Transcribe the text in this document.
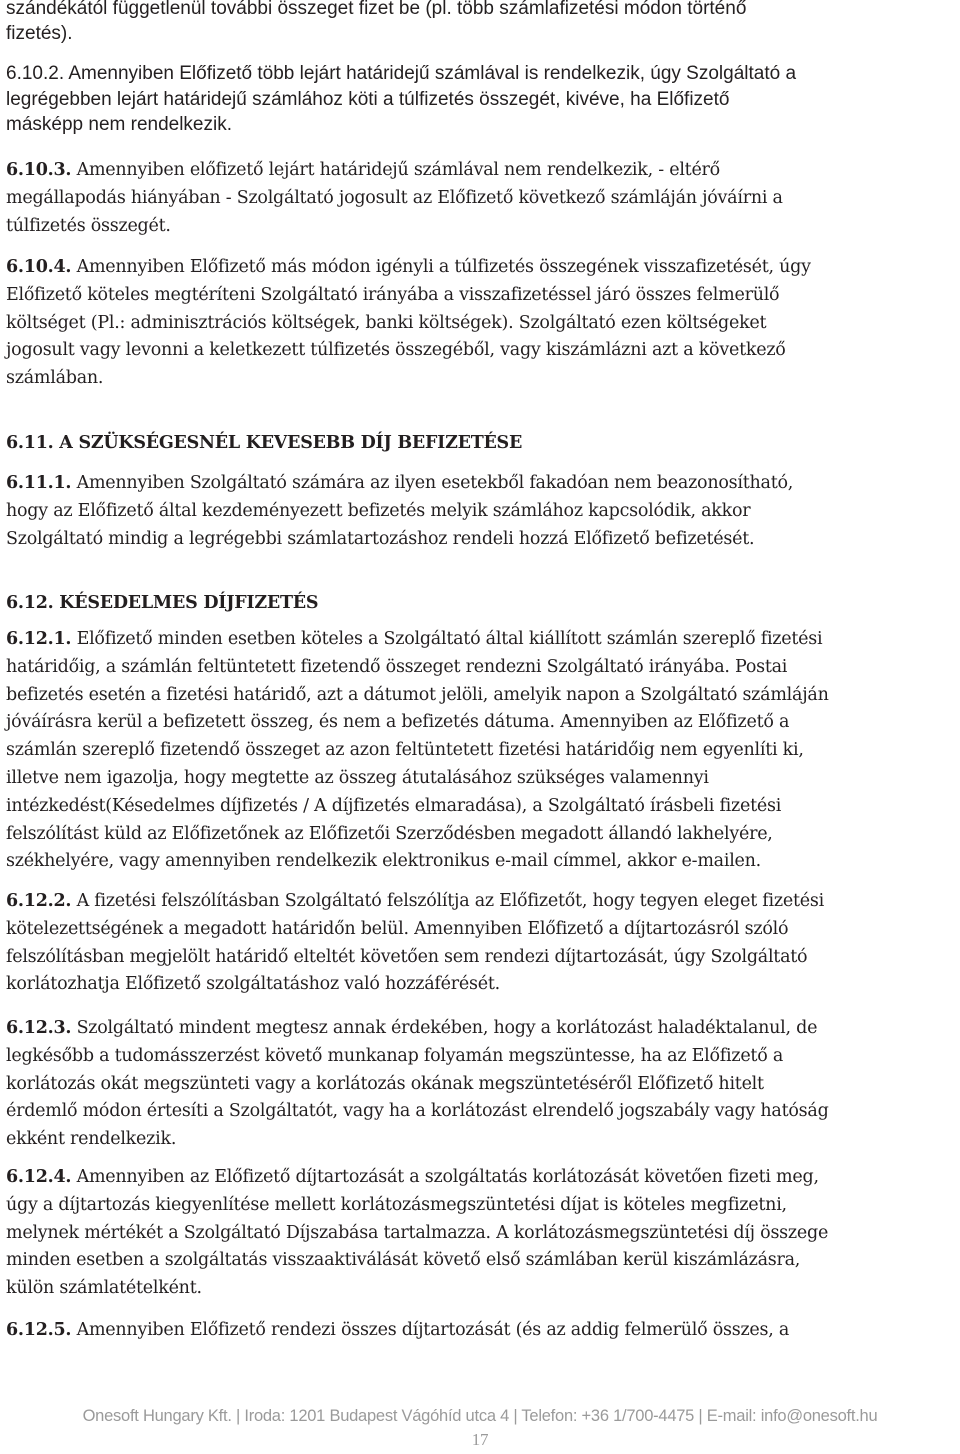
szándékától függetlenül további összeget fizet be (pl. több számlafizetési módon történő
fizetés).
6.10.2. Amennyiben Előfizető több lejárt határidejű számlával is rendelkezik, úgy Szolgáltató a
legrégebben lejárt határidejű számlához köti a túlfizetés összegét, kivéve, ha Előfizető
másképp nem rendelkezik.
6.10.3. Amennyiben előfizető lejárt határidejű számlával nem rendelkezik, - eltérő
megállapodás hiányában - Szolgáltató jogosult az Előfizető következő számláján jóváírni a
túlfizetés összegét.
6.10.4. Amennyiben Előfizető más módon igényli a túlfizetés összegének visszafizetését, úgy
Előfizető köteles megtéríteni Szolgáltató irányába a visszafizetéssel járó összes felmerülő
költséget (Pl.: adminisztrációs költségek, banki költségek). Szolgáltató ezen költségeket
jogosult vagy levonni a keletkezett túlfizetés összegéből, vagy kiszámlázni azt a következő
számlában.
6.11. A SZÜKSÉGESNÉL KEVESEBB DÍJ BEFIZETÉSE
6.11.1. Amennyiben Szolgáltató számára az ilyen esetekből fakadóan nem beazonosítható,
hogy az Előfizető által kezdeményezett befizetés melyik számlához kapcsolódik, akkor
Szolgáltató mindig a legrégebbi számlatartozáshoz rendeli hozzá Előfizető befizetését.
6.12. KÉSEDELMES DÍJFIZETÉS
6.12.1. Előfizető minden esetben köteles a Szolgáltató által kiállított számlán szereplő fizetési
határidőig, a számlán feltüntetett fizetendő összeget rendezni Szolgáltató irányába. Postai
befizetés esetén a fizetési határidő, azt a dátumot jelöli, amelyik napon a Szolgáltató számláján
jóváírásra kerül a befizetett összeg, és nem a befizetés dátuma. Amennyiben az Előfizető a
számlán szereplő fizetendő összeget az azon feltüntetett fizetési határidőig nem egyenlíti ki,
illetve nem igazolja, hogy megtette az összeg átutalásához szükséges valamennyi
intézkedést(Késedelmes díjfizetés / A díjfizetés elmaradása), a Szolgáltató írásbeli fizetési
felszólítást küld az Előfizetőnek az Előfizetői Szerződésben megadott állandó lakhelyére,
székhelyére, vagy amennyiben rendelkezik elektronikus e-mail címmel, akkor e-mailen.
6.12.2. A fizetési felszólításban Szolgáltató felszólítja az Előfizetőt, hogy tegyen eleget fizetési
kötelezettségének a megadott határidőn belül. Amennyiben Előfizető a díjtartozásról szóló
felszólításban megjelölt határidő elteltét követően sem rendezi díjtartozását, úgy Szolgáltató
korlátozhatja Előfizető szolgáltatáshoz való hozzáférését.
6.12.3. Szolgáltató mindent megtesz annak érdekében, hogy a korlátozást haladéktalanul, de
legkésőbb a tudomásszerzést követő munkanap folyamán megszüntesse, ha az Előfizető a
korlátozás okát megszünteti vagy a korlátozás okának megszüntetéséről Előfizető hitelt
érdemlő módon értesíti a Szolgáltatót, vagy ha a korlátozást elrendelő jogszabály vagy hatóság
ekként rendelkezik.
6.12.4. Amennyiben az Előfizető díjtartozását a szolgáltatás korlátozását követően fizeti meg,
úgy a díjtartozás kiegyenlítése mellett korlátozásmegszüntetési díjat is köteles megfizetni,
melynek mértékét a Szolgáltató Díjszabása tartalmazza. A korlátozásmegszüntetési díj összege
minden esetben a szolgáltatás visszaaktiválását követő első számlában kerül kiszámlázásra,
külön számlatételként.
6.12.5. Amennyiben Előfizető rendezi összes díjtartozását (és az addig felmerülő összes, a
Onesoft Hungary Kft. | Iroda: 1201 Budapest Vágóhíd utca 4 | Telefon: +36 1/700-4475 | E-mail: info@onesoft.hu
17
